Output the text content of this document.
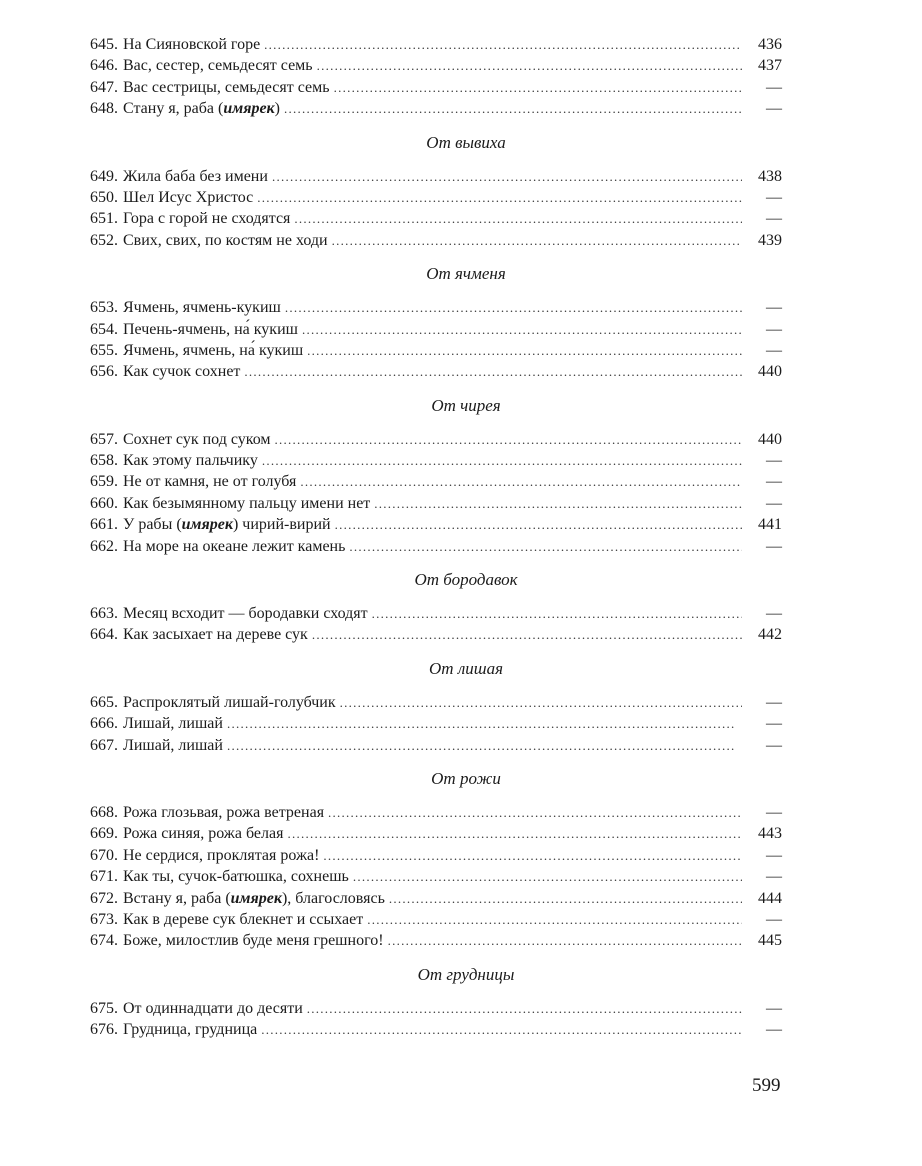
645. На Сияновской горе . . .	436
646. Вас, сестер, семьдесят семь . . .	437
647. Вас сестрицы, семьдесят семь . . .	—
648. Стану я, раба (имярек) . . .	—
От вывиха
649. Жила баба без имени . . .	438
650. Шел Исус Христос . . .	—
651. Гора с горой не сходятся . . .	—
652. Свих, свих, по костям не ходи . . .	439
От ячменя
653. Ячмень, ячмень-кукиш . . .	—
654. Печень-ячмень, на́ кукиш . . .	—
655. Ячмень, ячмень, на́ кукиш . . .	—
656. Как сучок сохнет . . .	440
От чирея
657. Сохнет сук под суком . . .	440
658. Как этому пальчику . . .	—
659. Не от камня, не от голубя . . .	—
660. Как безымянному пальцу имени нет . . .	—
661. У рабы (имярек) чирий-вирий . . .	441
662. На море на океане лежит камень . . .	—
От бородавок
663. Месяц всходит — бородавки сходят . . .	—
664. Как засыхает на дереве сук . . .	442
От лишая
665. Распроклятый лишай-голубчик . . .	—
666. Лишай, лишай . . .	—
667. Лишай, лишай . . .	—
От рожи
668. Рожа глозьвая, рожа ветреная . . .	—
669. Рожа синяя, рожа белая . . .	443
670. Не сердися, проклятая рожа! . . .	—
671. Как ты, сучок-батюшка, сохнешь . . .	—
672. Встану я, раба (имярек), благословясь . . .	444
673. Как в дереве сук блекнет и ссыхает . . .	—
674. Боже, милостлив буде меня грешного! . . .	445
От грудницы
675. От одиннадцати до десяти . . .	—
676. Грудница, грудница . . .	—
599
